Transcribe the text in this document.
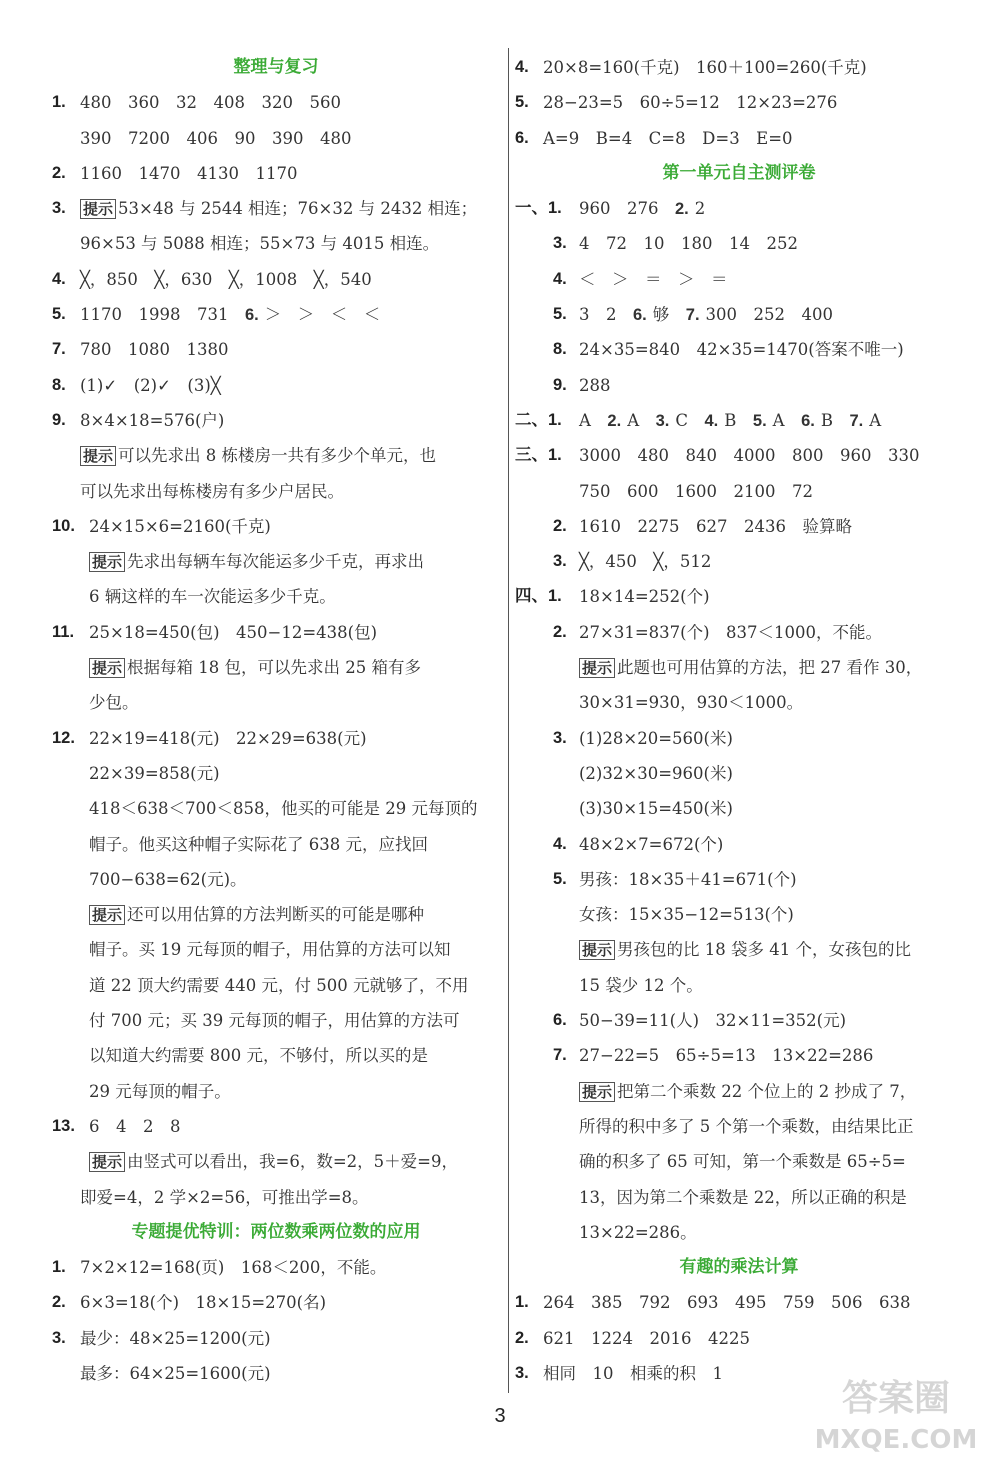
整理与复习
1. 480　360　32　408　320　560
390　7200　406　90　390　480
2. 1160　1470　4130　1170
3. 提示 53×48 与 2544 相连；76×32 与 2432 相连；
96×53 与 5088 相连；55×73 与 4015 相连。
4. ╳，850　╳，630　╳，1008　╳，540
5. 1170　1998　731　6. ＞　＞　＜　＜
7. 780　1080　1380
8. (1)✓　(2)✓　(3)╳
9. 8×4×18=576(户)
提示 可以先求出 8 栋楼房一共有多少个单元，也
可以先求出每栋楼房有多少户居民。
10. 24×15×6=2160(千克)
提示 先求出每辆车每次能运多少千克，再求出
6 辆这样的车一次能运多少千克。
11. 25×18=450(包)　450−12=438(包)
提示 根据每箱 18 包，可以先求出 25 箱有多
少包。
12. 22×19=418(元)　22×29=638(元)
22×39=858(元)
418＜638＜700＜858，他买的可能是 29 元每顶的
帽子。他买这种帽子实际花了 638 元，应找回
700−638=62(元)。
提示 还可以用估算的方法判断买的可能是哪种
帽子。买 19 元每顶的帽子，用估算的方法可以知
道 22 顶大约需要 440 元，付 500 元就够了，不用
付 700 元；买 39 元每顶的帽子，用估算的方法可
以知道大约需要 800 元，不够付，所以买的是
29 元每顶的帽子。
13. 6　4　2　8
提示 由竖式可以看出，我=6，数=2，5＋爱=9，
即爱=4，2 学×2=56，可推出学=8。
专题提优特训：两位数乘两位数的应用
1. 7×2×12=168(页)　168＜200，不能。
2. 6×3=18(个)　18×15=270(名)
3. 最少：48×25=1200(元)
最多：64×25=1600(元)
4. 20×8=160(千克)　160＋100=260(千克)
5. 28−23=5　60÷5=12　12×23=276
6. A=9　B=4　C=8　D=3　E=0
第一单元自主测评卷
一、1. 960　276　2. 2
3. 4　72　10　180　14　252
4. ＜　＞　＝　＞　＝
5. 3　2　6. 够　7. 300　252　400
8. 24×35=840　42×35=1470(答案不唯一)
9. 288
二、1. A　2. A　3. C　4. B　5. A　6. B　7. A
三、1. 3000　480　840　4000　800　960　330
750　600　1600　2100　72
2. 1610　2275　627　2436　验算略
3. ╳，450　╳，512
四、1. 18×14=252(个)
2. 27×31=837(个)　837＜1000，不能。
提示 此题也可用估算的方法，把 27 看作 30，
30×31=930，930＜1000。
3. (1)28×20=560(米)
(2)32×30=960(米)
(3)30×15=450(米)
4. 48×2×7=672(个)
5. 男孩：18×35＋41=671(个)
女孩：15×35−12=513(个)
提示 男孩包的比 18 袋多 41 个，女孩包的比
15 袋少 12 个。
6. 50−39=11(人)　32×11=352(元)
7. 27−22=5　65÷5=13　13×22=286
提示 把第二个乘数 22 个位上的 2 抄成了 7，
所得的积中多了 5 个第一个乘数，由结果比正
确的积多了 65 可知，第一个乘数是 65÷5=
13，因为第二个乘数是 22，所以正确的积是
13×22=286。
有趣的乘法计算
1. 264　385　792　693　495　759　506　638
2. 621　1224　2016　4225
3. 相同　10　相乘的积　1
3	答案圈
MXQE.COM
